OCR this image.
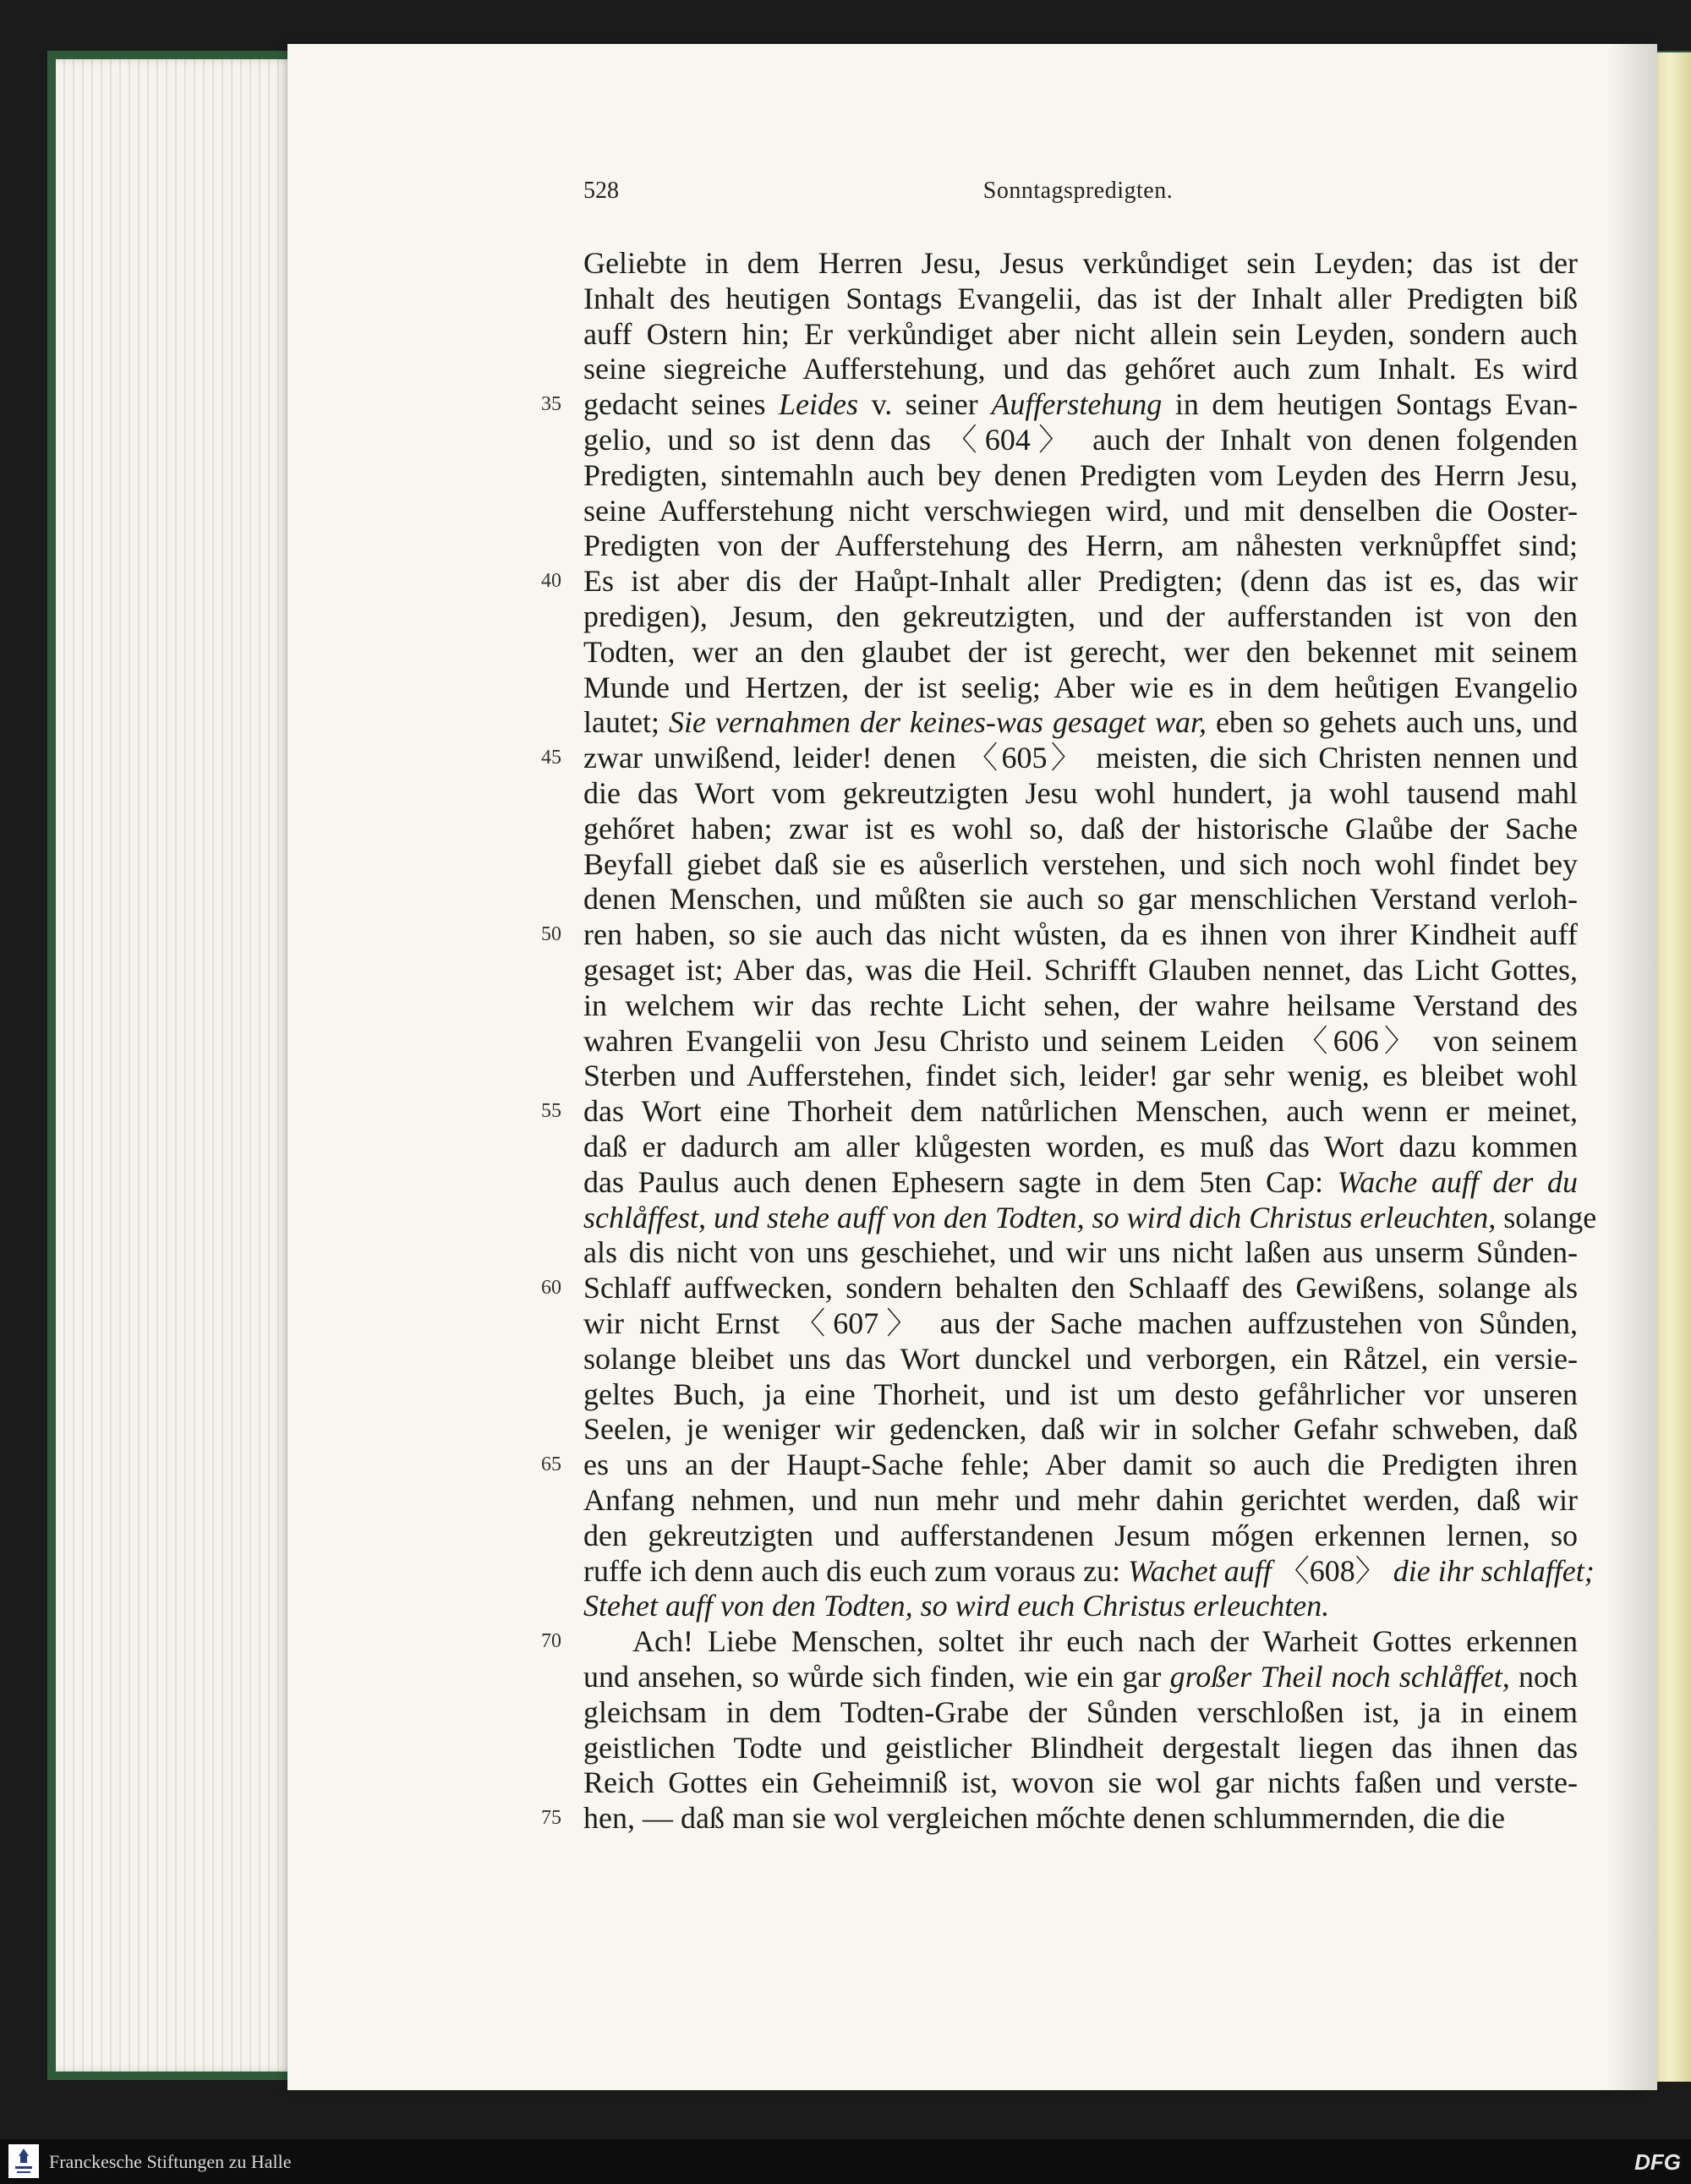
528	Sonntagspredigten.
Geliebte in dem Herren Jesu, Jesus verkůndiget sein Leyden; das ist der
Inhalt des heutigen Sontags Evangelii, das ist der Inhalt aller Predigten biß
auff Ostern hin; Er verkůndiget aber nicht allein sein Leyden, sondern auch
seine siegreiche Aufferstehung, und das gehőret auch zum Inhalt. Es wird
gedacht seines Leides v. seiner Aufferstehung in dem heutigen Sontags Evan-
gelio, und so ist denn das 〈604〉 auch der Inhalt von denen folgenden
Predigten, sintemahln auch bey denen Predigten vom Leyden des Herrn Jesu,
seine Aufferstehung nicht verschwiegen wird, und mit denselben die Ooster-
Predigten von der Aufferstehung des Herrn, am nåhesten verknůpffet sind;
Es ist aber dis der Haůpt-Inhalt aller Predigten; (denn das ist es, das wir
predigen), Jesum, den gekreutzigten, und der aufferstanden ist von den
Todten, wer an den glaubet der ist gerecht, wer den bekennet mit seinem
Munde und Hertzen, der ist seelig; Aber wie es in dem heůtigen Evangelio
lautet; Sie vernahmen der keines-was gesaget war, eben so gehets auch uns, und
zwar unwißend, leider! denen 〈605〉 meisten, die sich Christen nennen und
die das Wort vom gekreutzigten Jesu wohl hundert, ja wohl tausend mahl
gehőret haben; zwar ist es wohl so, daß der historische Glaůbe der Sache
Beyfall giebet daß sie es aůserlich verstehen, und sich noch wohl findet bey
denen Menschen, und můßten sie auch so gar menschlichen Verstand verloh-
ren haben, so sie auch das nicht wůsten, da es ihnen von ihrer Kindheit auff
gesaget ist; Aber das, was die Heil. Schrifft Glauben nennet, das Licht Gottes,
in welchem wir das rechte Licht sehen, der wahre heilsame Verstand des
wahren Evangelii von Jesu Christo und seinem Leiden 〈606〉 von seinem
Sterben und Aufferstehen, findet sich, leider! gar sehr wenig, es bleibet wohl
das Wort eine Thorheit dem natůrlichen Menschen, auch wenn er meinet,
daß er dadurch am aller klůgesten worden, es muß das Wort dazu kommen
das Paulus auch denen Ephesern sagte in dem 5ten Cap: Wache auff der du
schlåffest, und stehe auff von den Todten, so wird dich Christus erleuchten, solange
als dis nicht von uns geschiehet, und wir uns nicht laßen aus unserm Sůnden-
Schlaff auffwecken, sondern behalten den Schlaaff des Gewißens, solange als
wir nicht Ernst 〈607〉 aus der Sache machen auffzustehen von Sůnden,
solange bleibet uns das Wort dunckel und verborgen, ein Råtzel, ein versie-
geltes Buch, ja eine Thorheit, und ist um desto gefåhrlicher vor unseren
Seelen, je weniger wir gedencken, daß wir in solcher Gefahr schweben, daß
es uns an der Haupt-Sache fehle; Aber damit so auch die Predigten ihren
Anfang nehmen, und nun mehr und mehr dahin gerichtet werden, daß wir
den gekreutzigten und aufferstandenen Jesum mőgen erkennen lernen, so
ruffe ich denn auch dis euch zum voraus zu: Wachet auff 〈608〉 die ihr schlaffet;
Stehet auff von den Todten, so wird euch Christus erleuchten.
Ach! Liebe Menschen, soltet ihr euch nach der Warheit Gottes erkennen
und ansehen, so wůrde sich finden, wie ein gar großer Theil noch schlåffet, noch
gleichsam in dem Todten-Grabe der Sůnden verschloßen ist, ja in einem
geistlichen Todte und geistlicher Blindheit dergestalt liegen das ihnen das
Reich Gottes ein Geheimniß ist, wovon sie wol gar nichts faßen und verste-
hen, — daß man sie wol vergleichen mőchte denen schlummernden, die die
35
40
45
50
55
60
65
70
75
Franckesche Stiftungen zu Halle	DFG
